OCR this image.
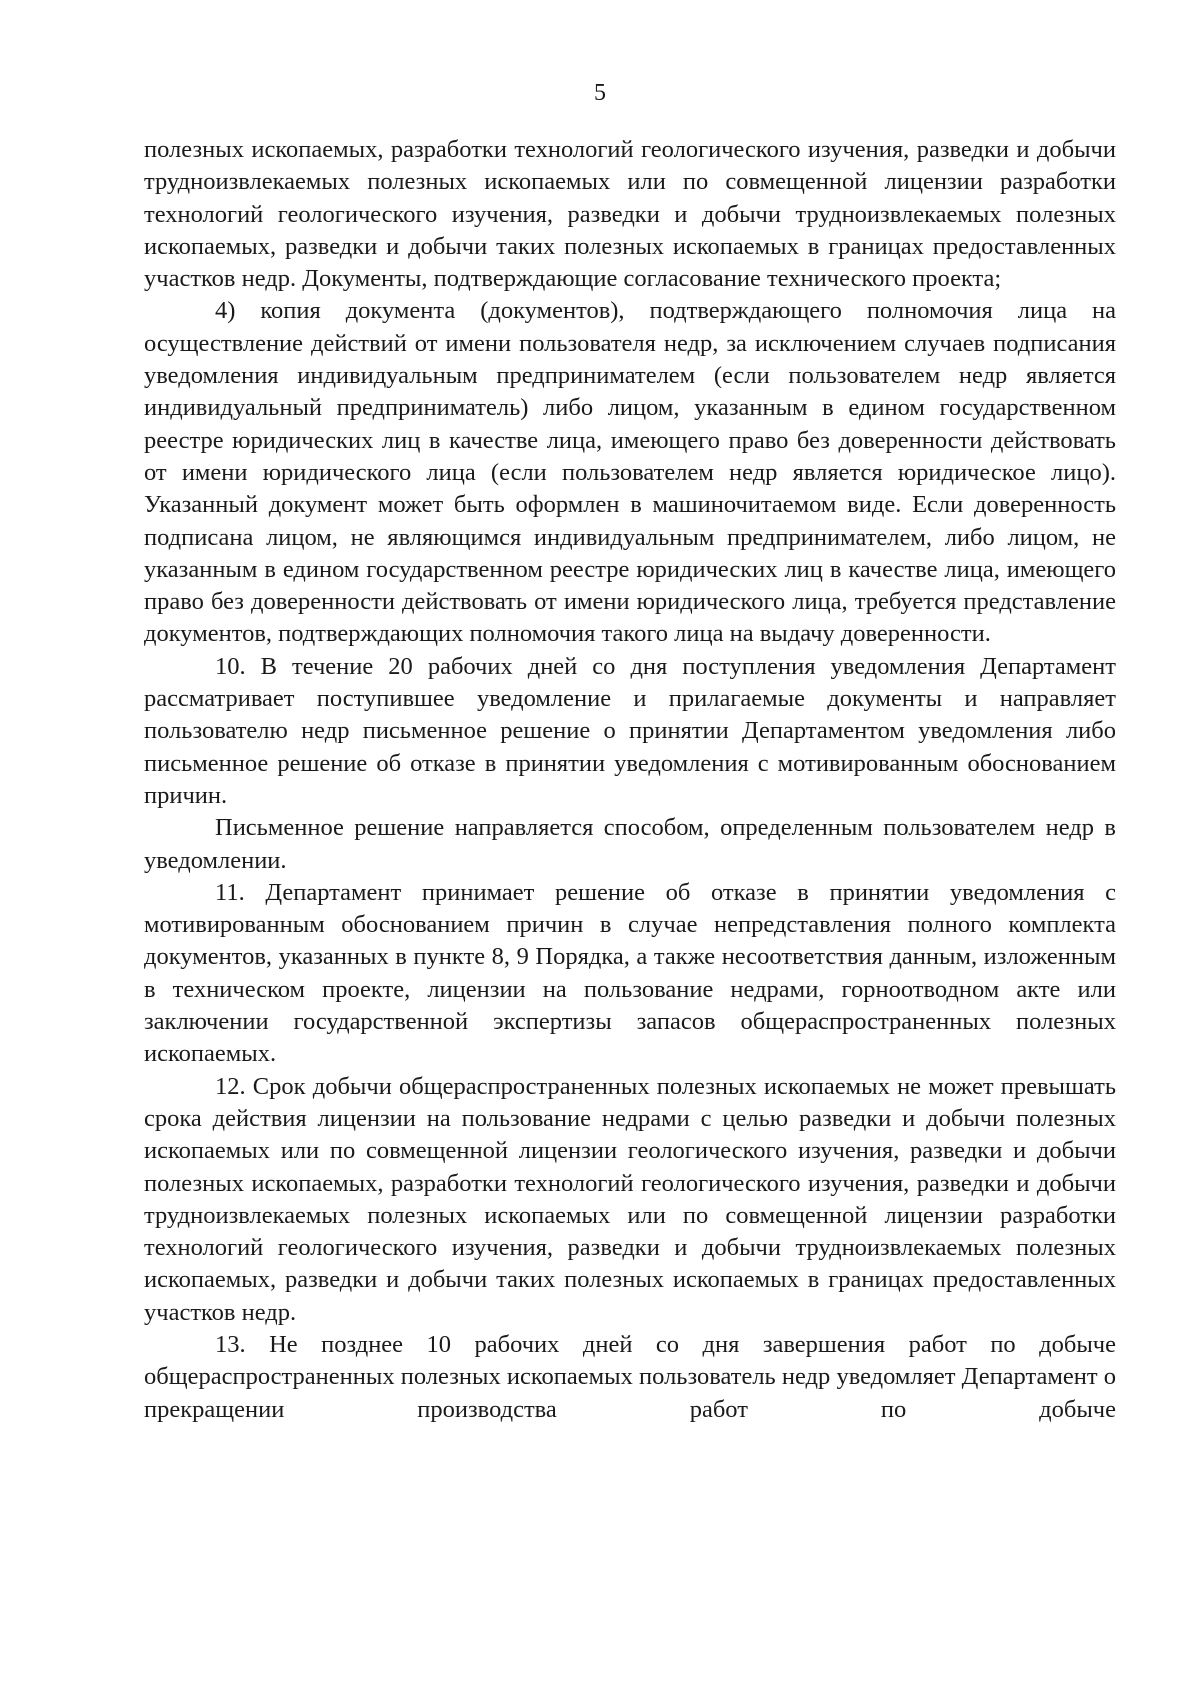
5

полезных ископаемых, разработки технологий геологического изучения, разведки и добычи трудноизвлекаемых полезных ископаемых или по совмещенной лицензии разработки технологий геологического изучения, разведки и добычи трудноизвлекаемых полезных ископаемых, разведки и добычи таких полезных ископаемых в границах предоставленных участков недр. Документы, подтверждающие согласование технического проекта;

4) копия документа (документов), подтверждающего полномочия лица на осуществление действий от имени пользователя недр, за исключением случаев подписания уведомления индивидуальным предпринимателем (если пользователем недр является индивидуальный предприниматель) либо лицом, указанным в едином государственном реестре юридических лиц в качестве лица, имеющего право без доверенности действовать от имени юридического лица (если пользователем недр является юридическое лицо). Указанный документ может быть оформлен в машиночитаемом виде. Если доверенность подписана лицом, не являющимся индивидуальным предпринимателем, либо лицом, не указанным в едином государственном реестре юридических лиц в качестве лица, имеющего право без доверенности действовать от имени юридического лица, требуется представление документов, подтверждающих полномочия такого лица на выдачу доверенности.

10. В течение 20 рабочих дней со дня поступления уведомления Департамент рассматривает поступившее уведомление и прилагаемые документы и направляет пользователю недр письменное решение о принятии Департаментом уведомления либо письменное решение об отказе в принятии уведомления с мотивированным обоснованием причин.

Письменное решение направляется способом, определенным пользователем недр в уведомлении.

11. Департамент принимает решение об отказе в принятии уведомления с мотивированным обоснованием причин в случае непредставления полного комплекта документов, указанных в пункте 8, 9 Порядка, а также несоответствия данным, изложенным в техническом проекте, лицензии на пользование недрами, горноотводном акте или заключении государственной экспертизы запасов общераспространенных полезных ископаемых.

12. Срок добычи общераспространенных полезных ископаемых не может превышать срока действия лицензии на пользование недрами с целью разведки и добычи полезных ископаемых или по совмещенной лицензии геологического изучения, разведки и добычи полезных ископаемых, разработки технологий геологического изучения, разведки и добычи трудноизвлекаемых полезных ископаемых или по совмещенной лицензии разработки технологий геологического изучения, разведки и добычи трудноизвлекаемых полезных ископаемых, разведки и добычи таких полезных ископаемых в границах предоставленных участков недр.

13. Не позднее 10 рабочих дней со дня завершения работ по добыче общераспространенных полезных ископаемых пользователь недр уведомляет Департамент о прекращении производства работ по добыче
